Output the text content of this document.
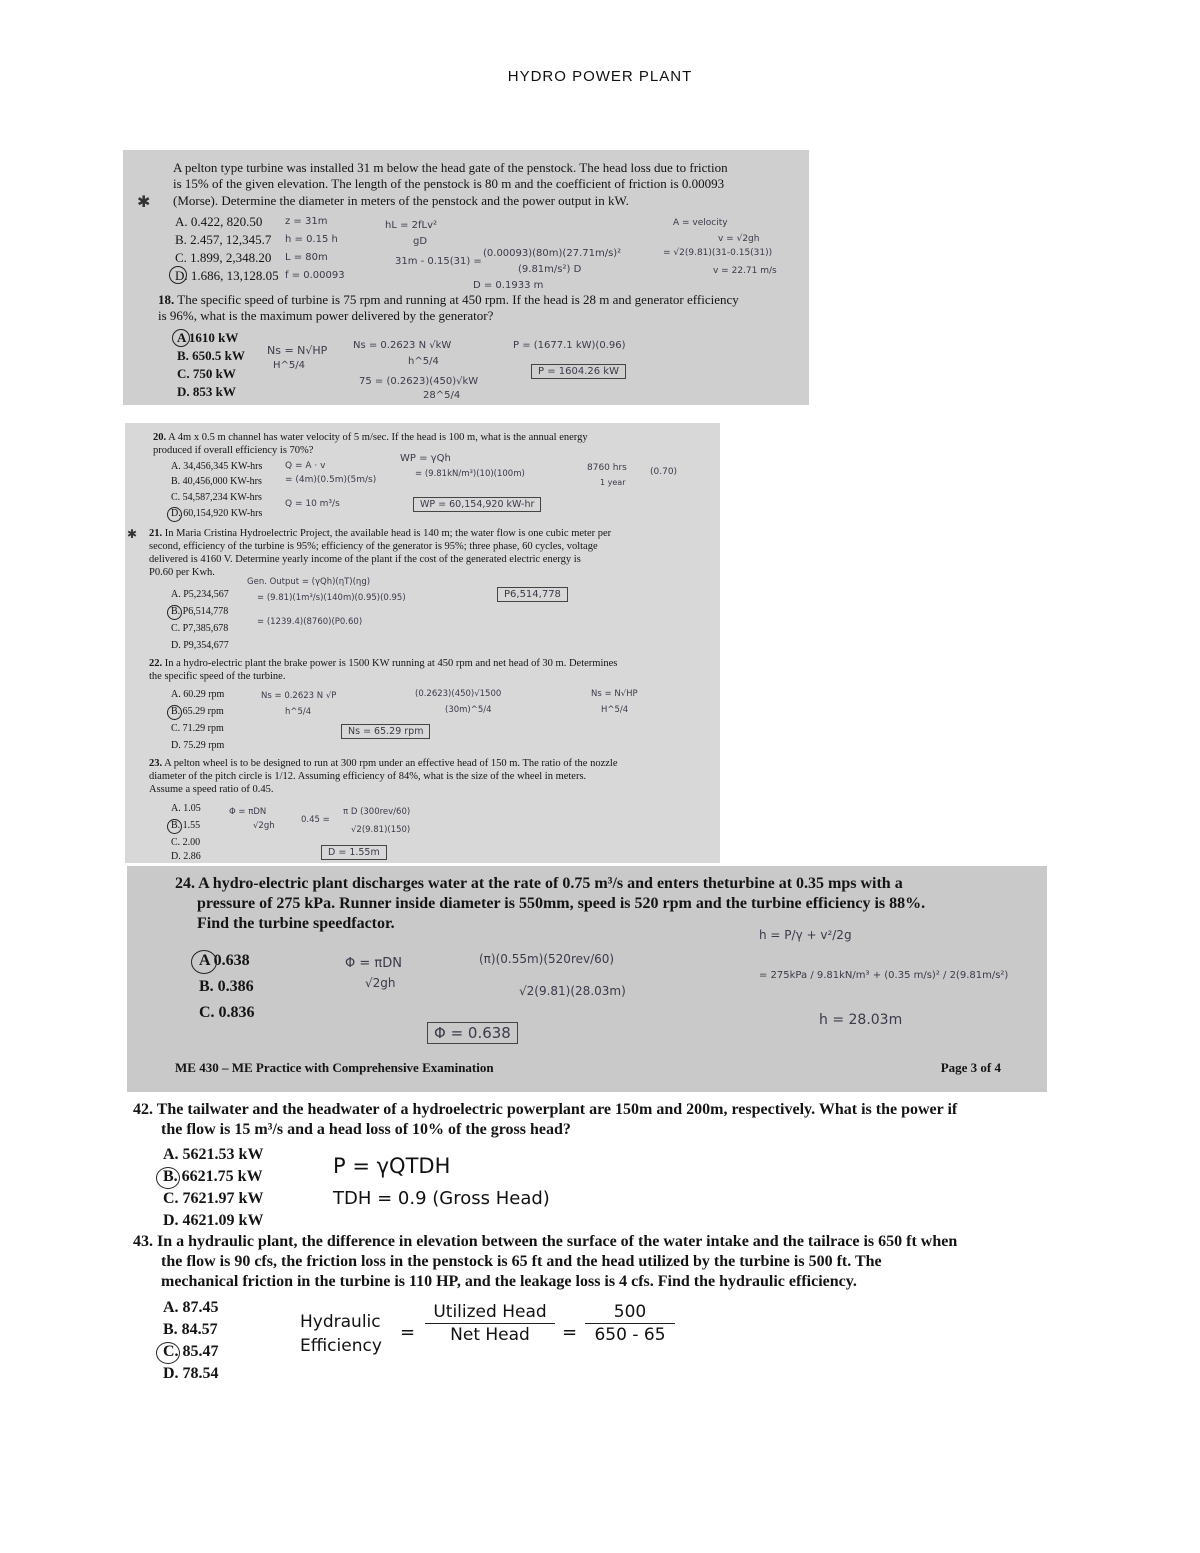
HYDRO POWER PLANT
A pelton type turbine was installed 31 m below the head gate of the penstock. The head loss due to friction
is 15% of the given elevation. The length of the penstock is 80 m and the coefficient of friction is 0.00093
(Morse). Determine the diameter in meters of the penstock and the power output in kW.
✱
A. 0.422, 820.50
B. 2.457, 12,345.7
C. 1.899, 2,348.20
D. 1.686, 13,128.05
z = 31m
h = 0.15 h
L = 80m
f = 0.00093
hL = 2fLv²
gD
31m - 0.15(31) =
(0.00093)(80m)(27.71m/s)²
(9.81m/s²) D
D = 0.1933 m
v = √2gh
= √2(9.81)(31-0.15(31))
v = 22.71 m/s
A = velocity
18. The specific speed of turbine is 75 rpm and running at 450 rpm. If the head is 28 m and generator efficiency
is 96%, what is the maximum power delivered by the generator?
A 1610 kW
B. 650.5 kW
C. 750 kW
D. 853 kW
Ns = N√HP
H^5/4
Ns = 0.2623 N √kW
h^5/4
75 = (0.2623)(450)√kW
28^5/4
P = (1677.1 kW)(0.96)
P = 1604.26 kW
20. A 4m x 0.5 m channel has water velocity of 5 m/sec. If the head is 100 m, what is the annual energy
produced if overall efficiency is 70%?
A. 34,456,345 KW-hrs
B. 40,456,000 KW-hrs
C. 54,587,234 KW-hrs
D. 60,154,920 KW-hrs
Q = A · v
= (4m)(0.5m)(5m/s)
Q = 10 m³/s
WP = γQh
= (9.81kN/m³)(10)(100m)
8760 hrs
1 year
(0.70)
WP = 60,154,920 kW-hr
21. In Maria Cristina Hydroelectric Project, the available head is 140 m; the water flow is one cubic meter per
second, efficiency of the turbine is 95%; efficiency of the generator is 95%; three phase, 60 cycles, voltage
delivered is 4160 V. Determine yearly income of the plant if the cost of the generated electric energy is
P0.60 per Kwh.
✱
A. P5,234,567
B. P6,514,778
C. P7,385,678
D. P9,354,677
Gen. Output = (γQh)(ηT)(ηg)
= (9.81)(1m³/s)(140m)(0.95)(0.95)
= (1239.4)(8760)(P0.60)
P6,514,778
22. In a hydro-electric plant the brake power is 1500 KW running at 450 rpm and net head of 30 m. Determines
the specific speed of the turbine.
A. 60.29 rpm
B. 65.29 rpm
C. 71.29 rpm
D. 75.29 rpm
Ns = 0.2623 N √P
h^5/4
(0.2623)(450)√1500
(30m)^5/4
Ns = 65.29 rpm
Ns = N√HP
H^5/4
23. A pelton wheel is to be designed to run at 300 rpm under an effective head of 150 m. The ratio of the nozzle
diameter of the pitch circle is 1/12. Assuming efficiency of 84%, what is the size of the wheel in meters.
Assume a speed ratio of 0.45.
A. 1.05
B. 1.55
C. 2.00
D. 2.86
Φ = πDN
√2gh
0.45 =
π D (300rev/60)
√2(9.81)(150)
D = 1.55m
24. A hydro-electric plant discharges water at the rate of 0.75 m³/s and enters theturbine at 0.35 mps with a
pressure of 275 kPa. Runner inside diameter is 550mm, speed is 520 rpm and the turbine efficiency is 88%.
Find the turbine speedfactor.
A 0.638
B. 0.386
C. 0.836
Φ = πDN
√2gh
(π)(0.55m)(520rev/60)
√2(9.81)(28.03m)
Φ = 0.638
h = P/γ + v²/2g
= 275kPa / 9.81kN/m³ + (0.35 m/s)² / 2(9.81m/s²)
h = 28.03m
ME 430 – ME Practice with Comprehensive Examination	Page 3 of 4
42. The tailwater and the headwater of a hydroelectric powerplant are 150m and 200m, respectively. What is the power if
the flow is 15 m³/s and a head loss of 10% of the gross head?
A. 5621.53 kW
B. 6621.75 kW
C. 7621.97 kW
D. 4621.09 kW
P = γQTDH
TDH = 0.9 (Gross Head)
43. In a hydraulic plant, the difference in elevation between the surface of the water intake and the tailrace is 650 ft when
the flow is 90 cfs, the friction loss in the penstock is 65 ft and the head utilized by the turbine is 500 ft. The
mechanical friction in the turbine is 110 HP, and the leakage loss is 4 cfs. Find the hydraulic efficiency.
A. 87.45
B. 84.57
C. 85.47
D. 78.54
Hydraulic
Efficiency
=
Utilized Head
Net Head	=
500
650 - 65
